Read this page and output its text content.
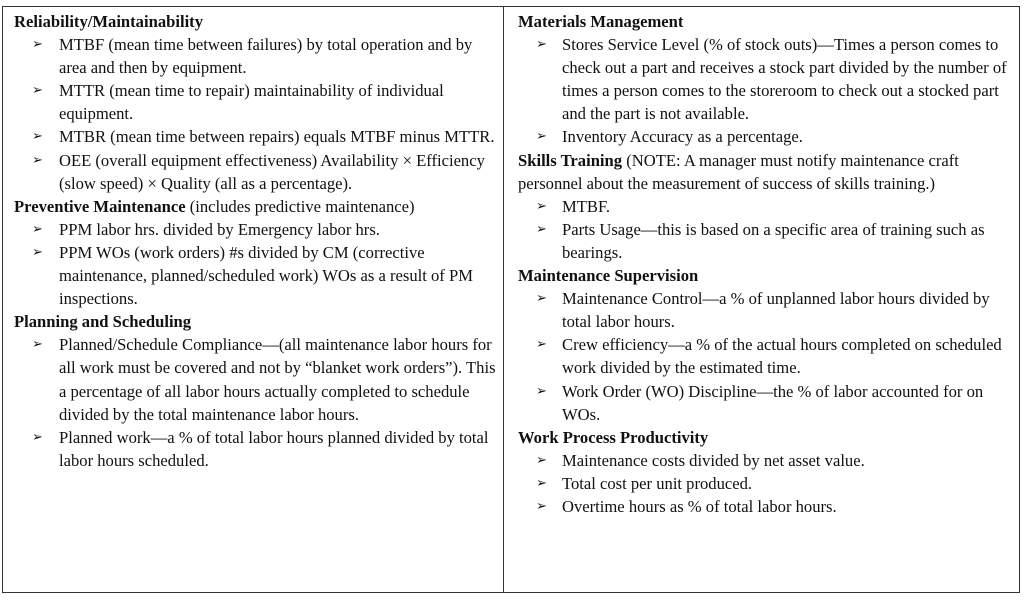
Reliability/Maintainability

➢ MTBF (mean time between failures) by total operation and by area and then by equipment.

➢ MTTR (mean time to repair) maintainability of individual equipment.

➢ MTBR (mean time between repairs) equals MTBF minus MTTR.

➢ OEE (overall equipment effectiveness) Availability × Efficiency (slow speed) × Quality (all as a percentage).

Preventive Maintenance (includes predictive maintenance)

➢ PPM labor hrs. divided by Emergency labor hrs.

➢ PPM WOs (work orders) #s divided by CM (corrective maintenance, planned/scheduled work) WOs as a result of PM inspections.

Planning and Scheduling

➢ Planned/Schedule Compliance—(all maintenance labor hours for all work must be covered and not by “blanket work orders”). This a percentage of all labor hours actually completed to schedule divided by the total maintenance labor hours.

➢ Planned work—a % of total labor hours planned divided by total labor hours scheduled.

Materials Management

➢ Stores Service Level (% of stock outs)—Times a person comes to check out a part and receives a stock part divided by the number of times a person comes to the storeroom to check out a stocked part and the part is not available.

➢ Inventory Accuracy as a percentage.

Skills Training (NOTE: A manager must notify maintenance craft personnel about the measurement of success of skills training.)

➢ MTBF.

➢ Parts Usage—this is based on a specific area of training such as bearings.

Maintenance Supervision

➢ Maintenance Control—a % of unplanned labor hours divided by total labor hours.

➢ Crew efficiency—a % of the actual hours completed on scheduled work divided by the estimated time.

➢ Work Order (WO) Discipline—the % of labor accounted for on WOs.

Work Process Productivity

➢ Maintenance costs divided by net asset value.

➢ Total cost per unit produced.

➢ Overtime hours as % of total labor hours.
